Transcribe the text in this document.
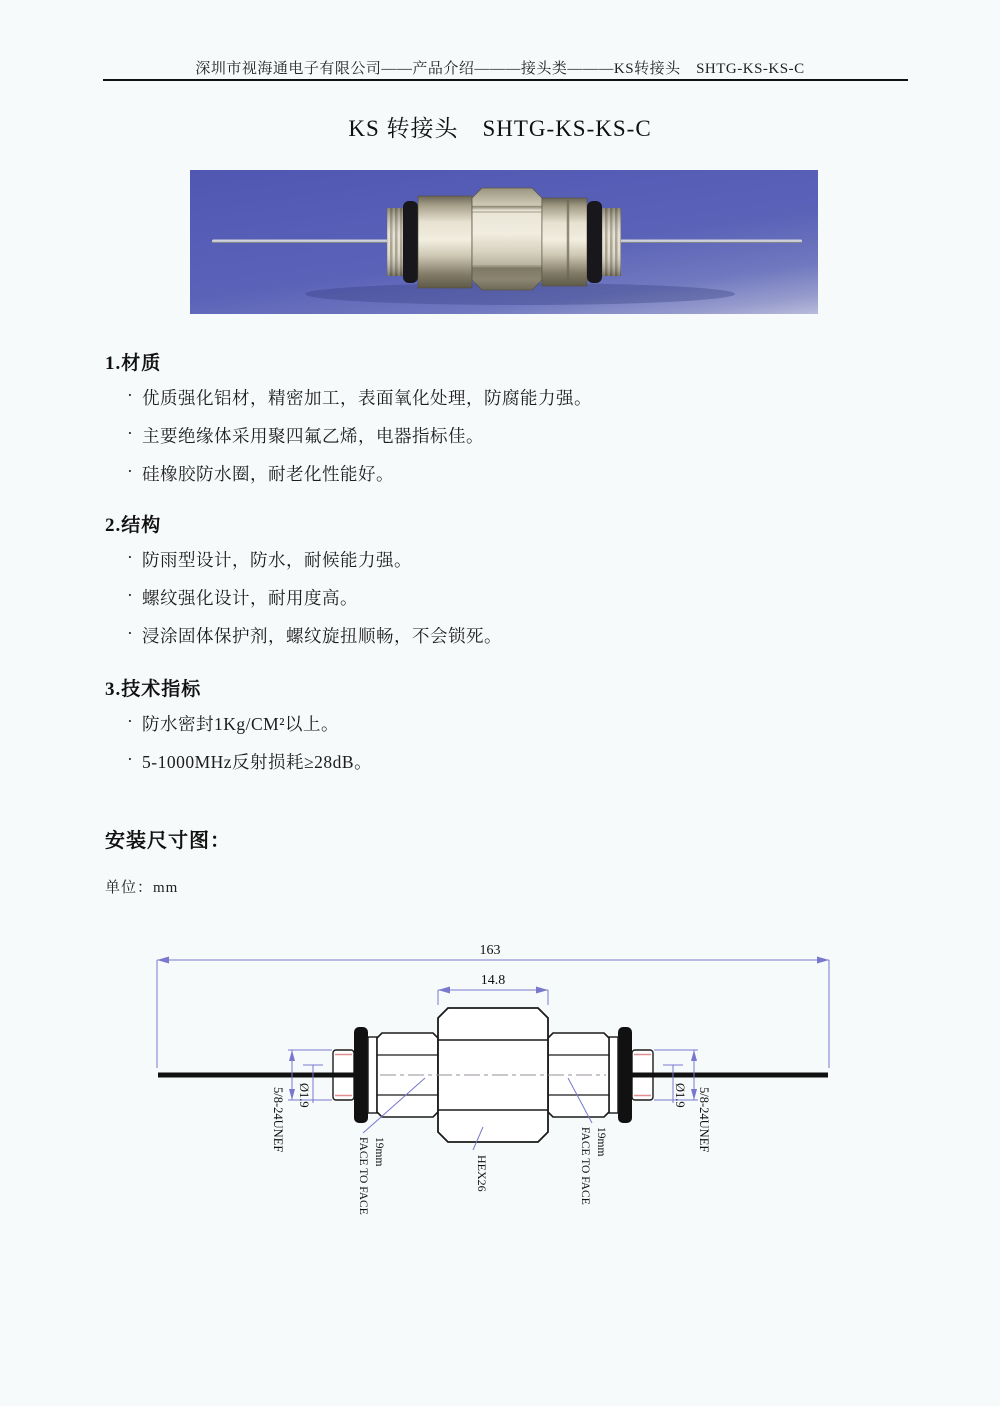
深圳市视海通电子有限公司——产品介绍———接头类———KS转接头　SHTG-KS-KS-C
KS 转接头　SHTG-KS-KS-C
1.材质
· 优质强化铝材，精密加工，表面氧化处理，防腐能力强。
· 主要绝缘体采用聚四氟乙烯，电器指标佳。
· 硅橡胶防水圈，耐老化性能好。
2.结构
· 防雨型设计，防水，耐候能力强。
· 螺纹强化设计，耐用度高。
· 浸涂固体保护剂，螺纹旋扭顺畅，不会锁死。
3.技术指标
· 防水密封1Kg/CM²以上。
· 5-1000MHz反射损耗≥28dB。
安装尺寸图：
单位：mm
163
14.8
5/8-24UNEF	5/8-24UNEF
Ø1.9	Ø1.9
19mm
FACE TO FACE	19mm
FACE TO FACE
HEX26
